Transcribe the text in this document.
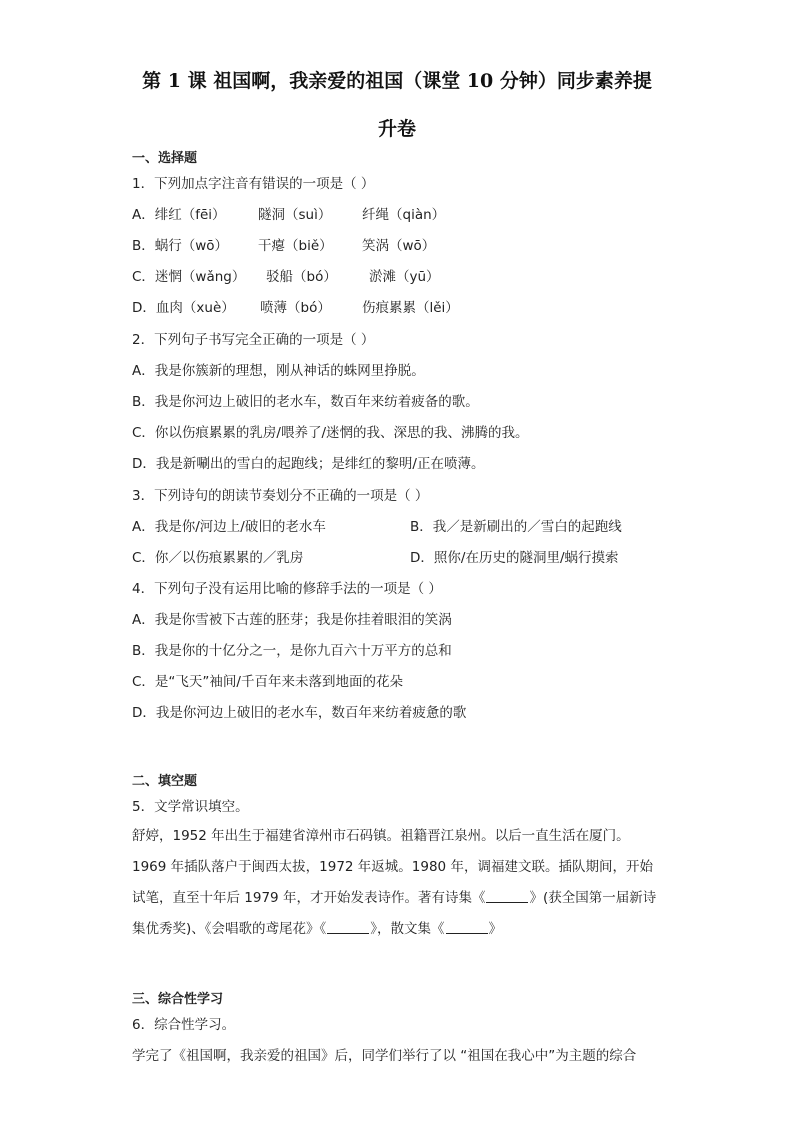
第 1 课 祖国啊，我亲爱的祖国（课堂 10 分钟）同步素养提
升卷
一、选择题
1．下列加点字注音有错误的一项是（ ）
A．绯红（fēi） 隧洞（suì） 纤绳（qiàn）
B．蜗行（wō） 干瘪（biě） 笑涡（wō）
C．迷惘（wǎng） 驳船（bó） 淤滩（yū）
D．血肉（xuè） 喷薄（bó） 伤痕累累（lěi）
2．下列句子书写完全正确的一项是（ ）
A．我是你簇新的理想，刚从神话的蛛网里挣脱。
B．我是你河边上破旧的老水车，数百年来纺着疲备的歌。
C．你以伤痕累累的乳房/喂养了/迷惘的我、深思的我、沸腾的我。
D．我是新唰出的雪白的起跑线；是绯红的黎明/正在喷薄。
3．下列诗句的朗读节奏划分不正确的一项是（ ）
A．我是你/河边上/破旧的老水车	B．我／是新刷出的／雪白的起跑线
C．你／以伤痕累累的／乳房	D．照你/在历史的隧洞里/蜗行摸索
4．下列句子没有运用比喻的修辞手法的一项是（ ）
A．我是你雪被下古莲的胚芽；我是你挂着眼泪的笑涡
B．我是你的十亿分之一，是你九百六十万平方的总和
C．是“飞天”袖间/千百年来未落到地面的花朵
D．我是你河边上破旧的老水车，数百年来纺着疲惫的歌
二、填空题
5．文学常识填空。
舒婷，1952 年出生于福建省漳州市石码镇。祖籍晋江泉州。以后一直生活在厦门。1969 年插队落户于闽西太拔，1972 年返城。1980 年，调福建文联。插队期间，开始试笔，直至十年后 1979 年，才开始发表诗作。著有诗集《	》(获全国第一届新诗集优秀奖)、《会唱歌的鸢尾花》《	》，散文集《	》
三、综合性学习
6．综合性学习。
学完了《祖国啊，我亲爱的祖国》后，同学们举行了以 “祖国在我心中”为主题的综合
